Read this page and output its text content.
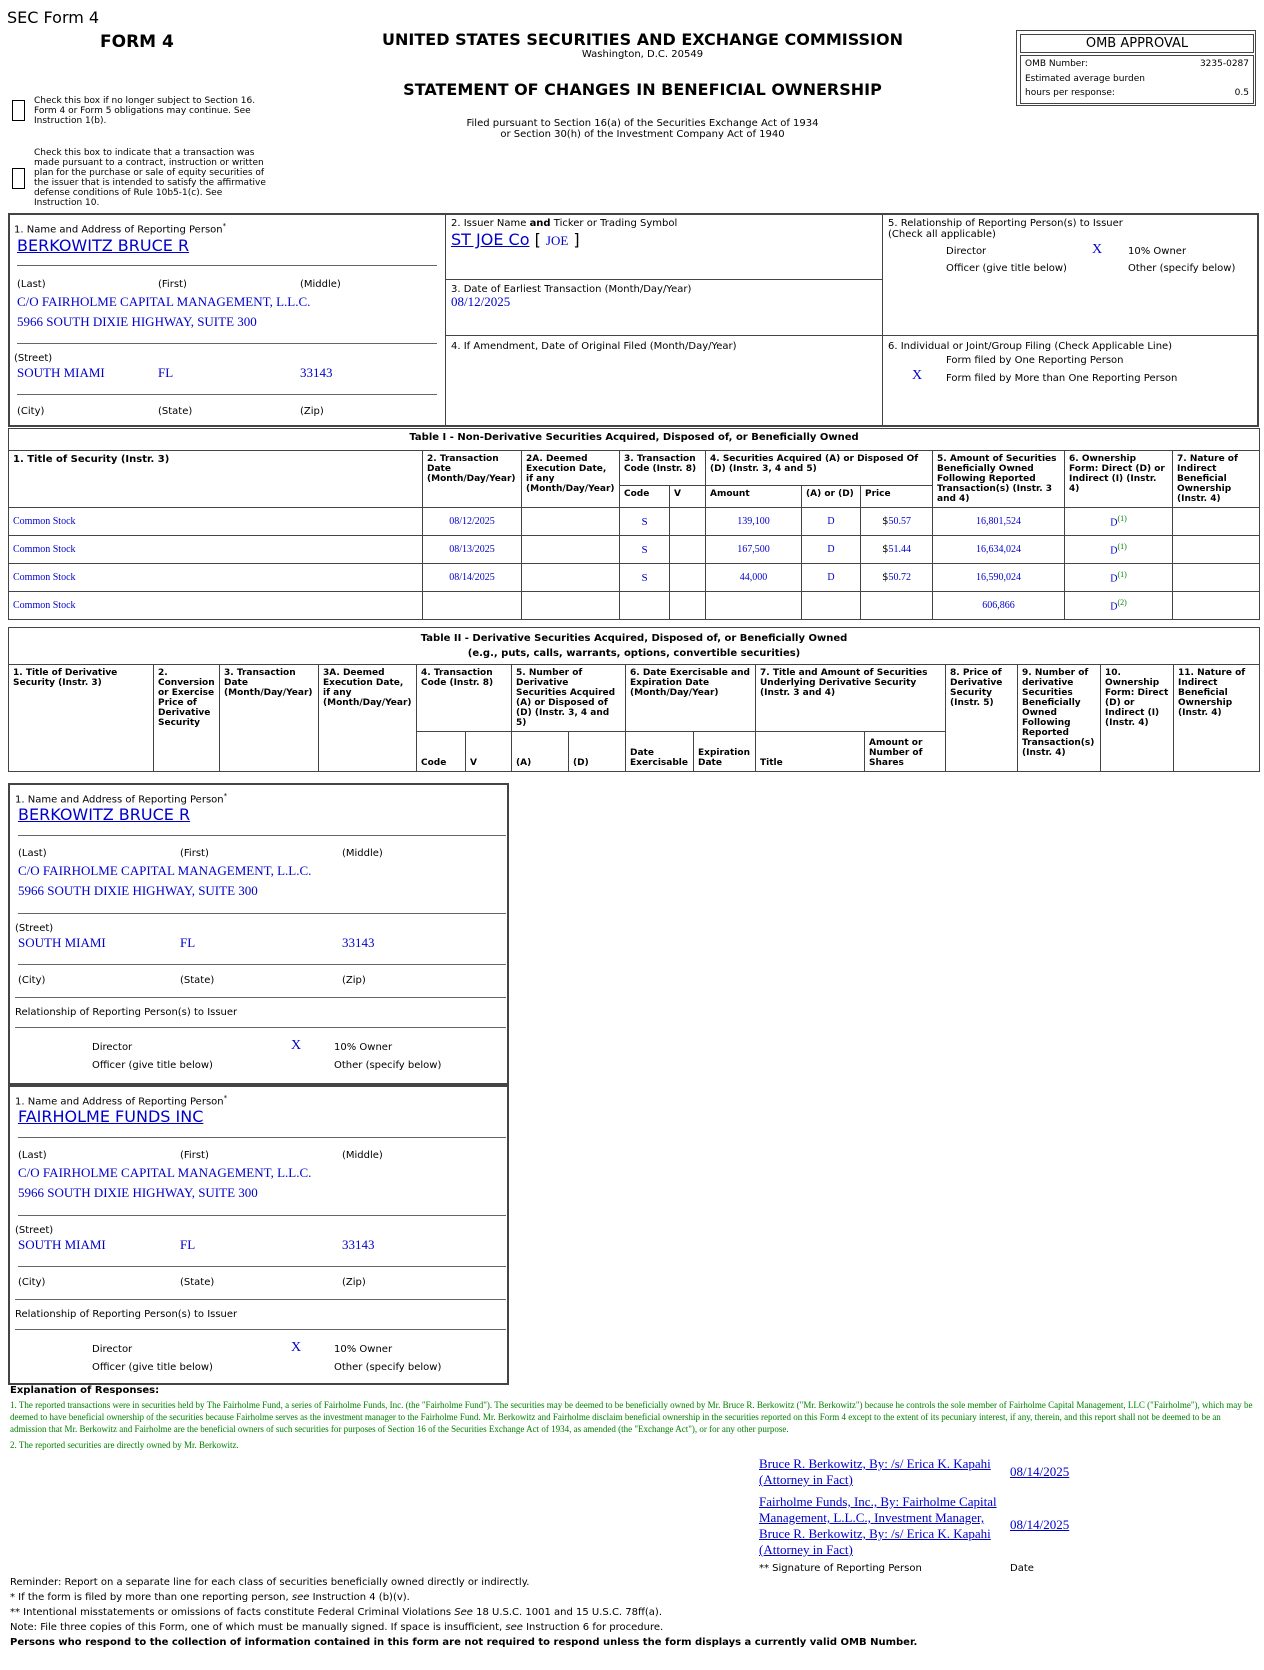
SEC Form 4
FORM 4	UNITED STATES SECURITIES AND EXCHANGE COMMISSION
Washington, D.C. 20549
STATEMENT OF CHANGES IN BENEFICIAL OWNERSHIP
Filed pursuant to Section 16(a) of the Securities Exchange Act of 1934
or Section 30(h) of the Investment Company Act of 1940
Check this box if no longer subject to Section 16. Form 4 or Form 5 obligations may continue. See Instruction 1(b).
Check this box to indicate that a transaction was made pursuant to a contract, instruction or written plan for the purchase or sale of equity securities of the issuer that is intended to satisfy the affirmative defense conditions of Rule 10b5-1(c). See Instruction 10.
OMB APPROVAL
OMB Number:	3235-0287
Estimated average burden
hours per response:	0.5
1. Name and Address of Reporting Person*
BERKOWITZ BRUCE R
(Last)	(First)	(Middle)
C/O FAIRHOLME CAPITAL MANAGEMENT, L.L.C.
5966 SOUTH DIXIE HIGHWAY, SUITE 300
(Street)
SOUTH MIAMI	FL	33143
(City)	(State)	(Zip)
2. Issuer Name and Ticker or Trading Symbol
ST JOE Co [ JOE ]
3. Date of Earliest Transaction (Month/Day/Year)
08/12/2025
4. If Amendment, Date of Original Filed (Month/Day/Year)
5. Relationship of Reporting Person(s) to Issuer
(Check all applicable)
Director	X	10% Owner
Officer (give title below)	Other (specify below)
6. Individual or Joint/Group Filing (Check Applicable Line)
Form filed by One Reporting Person
X Form filed by More than One Reporting Person
Table I - Non-Derivative Securities Acquired, Disposed of, or Beneficially Owned										
1. Title of Security (Instr. 3)	2. Transaction Date (Month/Day/Year)	2A. Deemed Execution Date, if any (Month/Day/Year)	3. Transaction Code (Instr. 8)		4. Securities Acquired (A) or Disposed Of (D) (Instr. 3, 4 and 5)			5. Amount of Securities Beneficially Owned Following Reported Transaction(s) (Instr. 3 and 4)	6. Ownership Form: Direct (D) or Indirect (I) (Instr. 4)	7. Nature of Indirect Beneficial Ownership (Instr. 4)
			Code	V	Amount	(A) or (D)	Price			
Common Stock	08/12/2025		S		139,100	D	$50.57	16,801,524	$D^{(1)}$	
Common Stock	08/13/2025		S		167,500	D	$51.44	16,634,024	$D^{(1)}$	
Common Stock	08/14/2025		S		44,000	D	$50.72	16,590,024	$D^{(1)}$	
Common Stock								606,866	$D^{(2)}$	
Table II - Derivative Securities Acquired, Disposed of, or Beneficially Owned
(e.g., puts, calls, warrants, options, convertible securities)															
1. Title of Derivative Security (Instr. 3)	2. Conversion or Exercise Price of Derivative Security	3. Transaction Date (Month/Day/Year)	3A. Deemed Execution Date, if any (Month/Day/Year)	4. Transaction Code (Instr. 8)		5. Number of Derivative Securities Acquired (A) or Disposed of (D) (Instr. 3, 4 and 5)		6. Date Exercisable and Expiration Date (Month/Day/Year)		7. Title and Amount of Securities Underlying Derivative Security (Instr. 3 and 4)		8. Price of Derivative Security (Instr. 5)	9. Number of derivative Securities Beneficially Owned Following Reported Transaction(s) (Instr. 4)	10. Ownership Form: Direct (D) or Indirect (I) (Instr. 4)	11. Nature of Indirect Beneficial Ownership (Instr. 4)
				Code	V	(A)	(D)	Date Exercisable	Expiration Date	Title	Amount or Number of Shares				
1. Name and Address of Reporting Person*
BERKOWITZ BRUCE R
(Last)	(First)	(Middle)
C/O FAIRHOLME CAPITAL MANAGEMENT, L.L.C.
5966 SOUTH DIXIE HIGHWAY, SUITE 300
(Street)
SOUTH MIAMI	FL	33143
(City)	(State)	(Zip)
Relationship of Reporting Person(s) to Issuer
Director	X	10% Owner
Officer (give title below)	Other (specify below)
1. Name and Address of Reporting Person*
FAIRHOLME FUNDS INC
(Last)	(First)	(Middle)
C/O FAIRHOLME CAPITAL MANAGEMENT, L.L.C.
5966 SOUTH DIXIE HIGHWAY, SUITE 300
(Street)
SOUTH MIAMI	FL	33143
(City)	(State)	(Zip)
Relationship of Reporting Person(s) to Issuer
Director	X	10% Owner
Officer (give title below)	Other (specify below)
Explanation of Responses:
1. The reported transactions were in securities held by The Fairholme Fund, a series of Fairholme Funds, Inc. (the "Fairholme Fund"). The securities may be deemed to be beneficially owned by Mr. Bruce R. Berkowitz ("Mr. Berkowitz") because he controls the sole member of Fairholme Capital Management, LLC ("Fairholme"), which may be deemed to have beneficial ownership of the securities because Fairholme serves as the investment manager to the Fairholme Fund. Mr. Berkowitz and Fairholme disclaim beneficial ownership in the securities reported on this Form 4 except to the extent of its pecuniary interest, if any, therein, and this report shall not be deemed to be an admission that Mr. Berkowitz and Fairholme are the beneficial owners of such securities for purposes of Section 16 of the Securities Exchange Act of 1934, as amended (the "Exchange Act"), or for any other purpose.
2. The reported securities are directly owned by Mr. Berkowitz.
Bruce R. Berkowitz, By: /s/ Erica K. Kapahi (Attorney in Fact)
08/14/2025
Fairholme Funds, Inc., By: Fairholme Capital Management, L.L.C., Investment Manager, Bruce R. Berkowitz, By: /s/ Erica K. Kapahi (Attorney in Fact)
08/14/2025
** Signature of Reporting Person	Date
Reminder: Report on a separate line for each class of securities beneficially owned directly or indirectly.
* If the form is filed by more than one reporting person, see Instruction 4 (b)(v).
** Intentional misstatements or omissions of facts constitute Federal Criminal Violations See 18 U.S.C. 1001 and 15 U.S.C. 78ff(a).
Note: File three copies of this Form, one of which must be manually signed. If space is insufficient, see Instruction 6 for procedure.
Persons who respond to the collection of information contained in this form are not required to respond unless the form displays a currently valid OMB Number.
